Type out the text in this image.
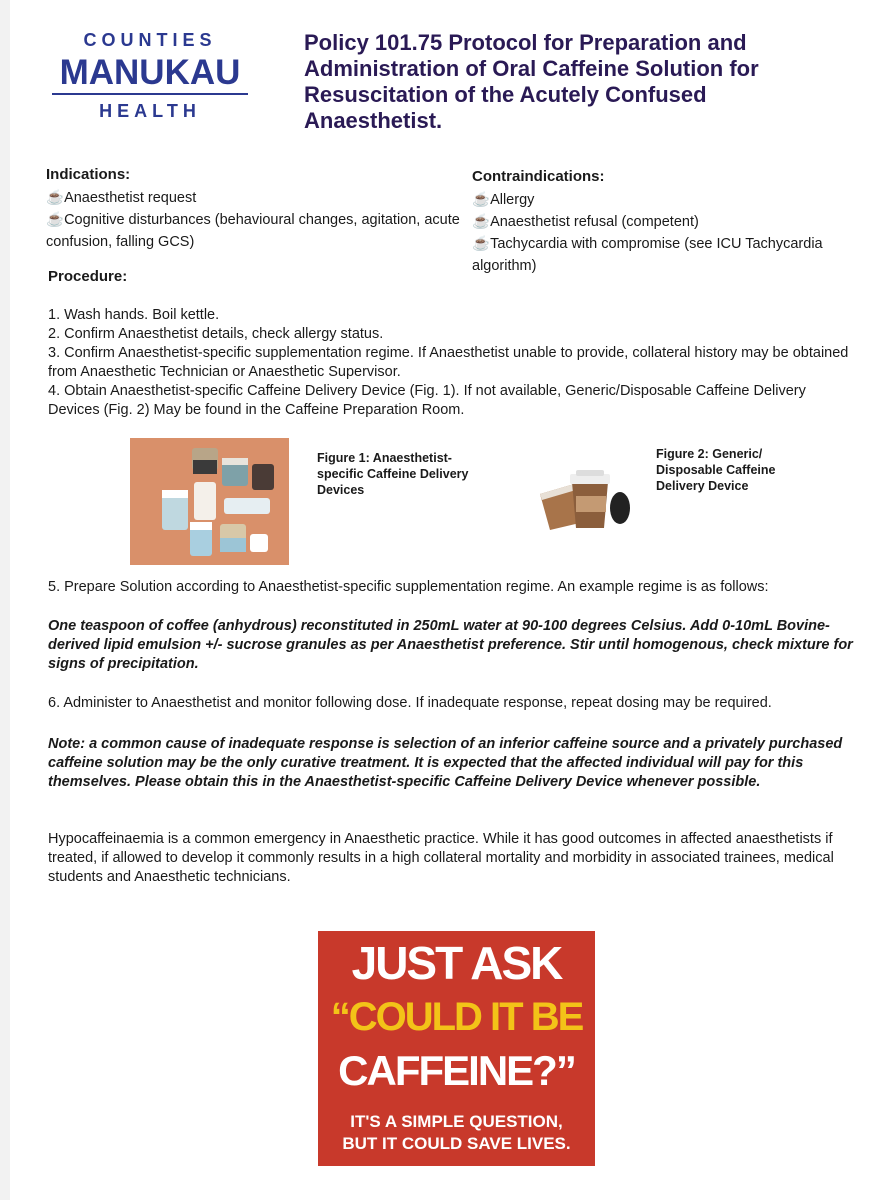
COUNTIES
MANUKAU
HEALTH
Policy 101.75 Protocol for Preparation and Administration of Oral Caffeine Solution for Resuscitation of the Acutely Confused Anaesthetist.
Indications:
☕Anaesthetist request
☕Cognitive disturbances (behavioural changes, agitation, acute confusion, falling GCS)
Contraindications:
☕Allergy
☕Anaesthetist refusal (competent)
☕Tachycardia with compromise (see ICU Tachycardia algorithm)
Procedure:
1. Wash hands. Boil kettle.
2. Confirm Anaesthetist details, check allergy status.
3. Confirm Anaesthetist-specific supplementation regime. If Anaesthetist unable to provide, collateral history may be obtained from Anaesthetic Technician or Anaesthetic Supervisor.
4. Obtain Anaesthetist-specific Caffeine Delivery Device (Fig. 1). If not available, Generic/Disposable Caffeine Delivery Devices (Fig. 2) May be found in the Caffeine Preparation Room.
Figure 1: Anaesthetist-specific Caffeine Delivery Devices
Figure 2: Generic/ Disposable Caffeine Delivery Device
5. Prepare Solution according to Anaesthetist-specific supplementation regime. An example regime is as follows:
One teaspoon of coffee (anhydrous) reconstituted in 250mL water at 90-100 degrees Celsius. Add 0-10mL Bovine-derived lipid emulsion +/- sucrose granules as per Anaesthetist preference. Stir until homogenous, check mixture for signs of precipitation.
6. Administer to Anaesthetist and monitor following dose. If inadequate response, repeat dosing may be required.
Note: a common cause of inadequate response is selection of an inferior caffeine source and a privately purchased caffeine solution may be the only curative treatment. It is expected that the affected individual will pay for this themselves. Please obtain this in the Anaesthetist-specific Caffeine Delivery Device whenever possible.
Hypocaffeinaemia is a common emergency in Anaesthetic practice. While it has good outcomes in affected anaesthetists if treated, if allowed to develop it commonly results in a high collateral mortality and morbidity in associated trainees, medical students and Anaesthetic technicians.
JUST ASK
“COULD IT BE
CAFFEINE?”
IT'S A SIMPLE QUESTION,
BUT IT COULD SAVE LIVES.
